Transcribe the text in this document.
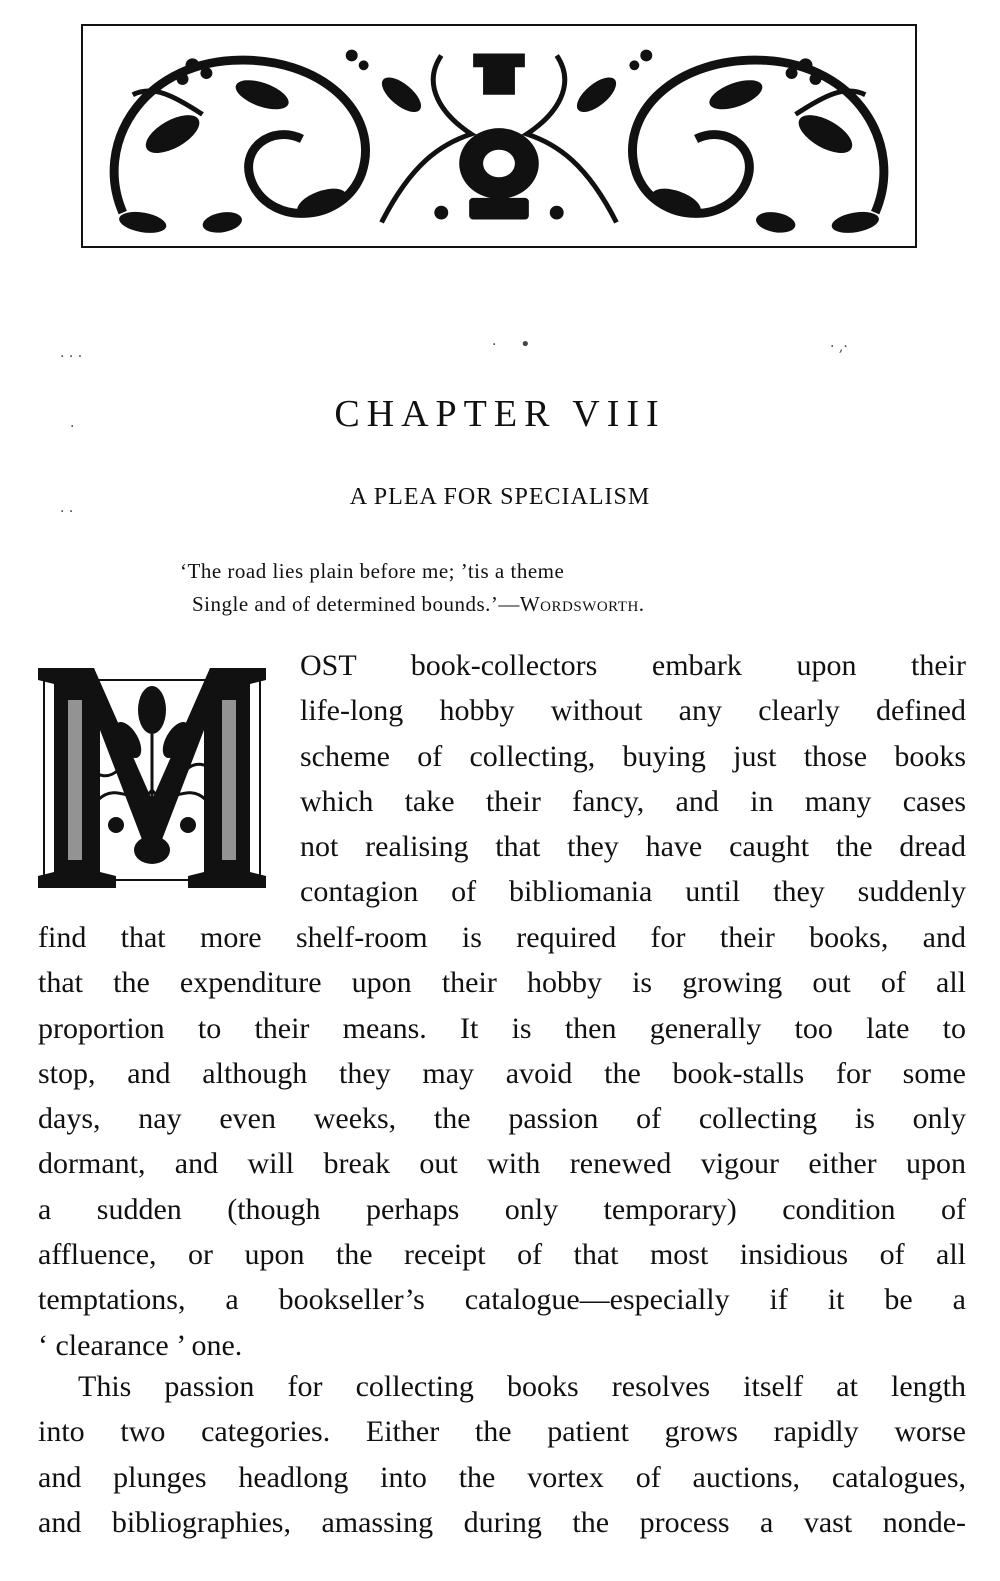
•
·	· ,·
· · ·
·
· ·
CHAPTER VIII
A PLEA FOR SPECIALISM
‘The road lies plain before me; ’tis a theme
Single and of determined bounds.’—Wordsworth.
OST book-collectors embark upon their
life-long hobby without any clearly defined
scheme of collecting, buying just those books
which take their fancy, and in many cases
not realising that they have caught the dread
contagion of bibliomania until they suddenly
find that more shelf-room is required for their books, and
that the expenditure upon their hobby is growing out of all
proportion to their means. It is then generally too late to
stop, and although they may avoid the book-stalls for some
days, nay even weeks, the passion of collecting is only
dormant, and will break out with renewed vigour either upon
a sudden (though perhaps only temporary) condition of
affluence, or upon the receipt of that most insidious of all
temptations, a bookseller’s catalogue—especially if it be a
‘ clearance ’ one.
This passion for collecting books resolves itself at length
into two categories. Either the patient grows rapidly worse
and plunges headlong into the vortex of auctions, catalogues,
and bibliographies, amassing during the process a vast nonde-
